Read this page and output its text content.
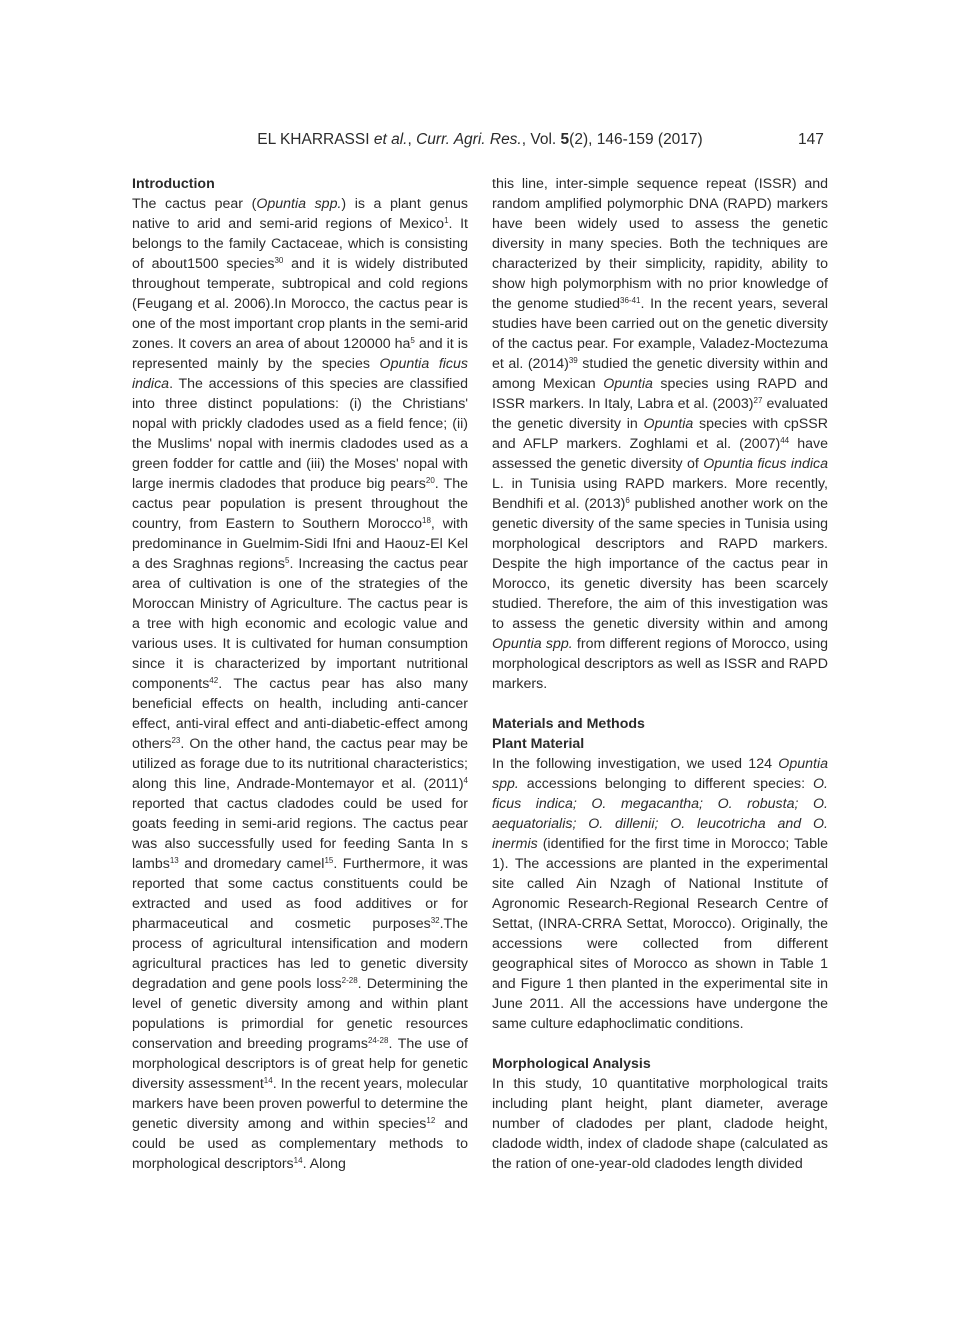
EL KHARRASSI et al., Curr. Agri. Res., Vol. 5(2), 146-159 (2017)	147

Introduction

The cactus pear (Opuntia spp.) is a plant genus native to arid and semi-arid regions of Mexico$^1$. It belongs to the family Cactaceae, which is consisting of about1500 species$^{30}$ and it is widely distributed throughout temperate, subtropical and cold regions (Feugang et al. 2006).In Morocco, the cactus pear is one of the most important crop plants in the semi-arid zones. It covers an area of about 120000 $ha^5$ and it is represented mainly by the species Opuntia ficus indica. The accessions of this species are classified into three distinct populations: (i) the Christians' nopal with prickly cladodes used as a field fence; (ii) the Muslims' nopal with inermis cladodes used as a green fodder for cattle and (iii) the Moses' nopal with large inermis cladodes that produce big pears$^{20}$. The cactus pear population is present throughout the country, from Eastern to Southern Morocco$^{18}$, with predominance in Guelmim-Sidi Ifni and Haouz-El Kel a des Sraghnas regions$^5$. Increasing the cactus pear area of cultivation is one of the strategies of the Moroccan Ministry of Agriculture. The cactus pear is a tree with high economic and ecologic value and various uses. It is cultivated for human consumption since it is characterized by important nutritional components$^{42}$. The cactus pear has also many beneficial effects on health, including anti-cancer effect, anti-viral effect and anti-diabetic-effect among others$^{23}$. On the other hand, the cactus pear may be utilized as forage due to its nutritional characteristics; along this line, Andrade-Montemayor et al. $(2011)^4$ reported that cactus cladodes could be used for goats feeding in semi-arid regions. The cactus pear was also successfully used for feeding Santa In s lambs$^{13}$ and dromedary camel$^{15}$. Furthermore, it was reported that some cactus constituents could be extracted and used as food additives or for pharmaceutical and cosmetic purposes$^{32}$.The process of agricultural intensification and modern agricultural practices has led to genetic diversity degradation and gene pools loss$^{2-28}$. Determining the level of genetic diversity among and within plant populations is primordial for genetic resources conservation and breeding programs$^{24-28}$. The use of morphological descriptors is of great help for genetic diversity assessment$^{14}$. In the recent years, molecular markers have been proven powerful to determine the genetic diversity among and within species$^{12}$ and could be used as complementary methods to morphological descriptors$^{14}$. Along

this line, inter-simple sequence repeat (ISSR) and random amplified polymorphic DNA (RAPD) markers have been widely used to assess the genetic diversity in many species. Both the techniques are characterized by their simplicity, rapidity, ability to show high polymorphism with no prior knowledge of the genome studied$^{36-41}$. In the recent years, several studies have been carried out on the genetic diversity of the cactus pear. For example, Valadez-Moctezuma et al. $(2014)^{39}$ studied the genetic diversity within and among Mexican Opuntia species using RAPD and ISSR markers. In Italy, Labra et al. $(2003)^{27}$ evaluated the genetic diversity in Opuntia species with cpSSR and AFLP markers. Zoghlami et al. $(2007)^{44}$ have assessed the genetic diversity of Opuntia ficus indica L. in Tunisia using RAPD markers. More recently, Bendhifi et al. $(2013)^6$ published another work on the genetic diversity of the same species in Tunisia using morphological descriptors and RAPD markers. Despite the high importance of the cactus pear in Morocco, its genetic diversity has been scarcely studied. Therefore, the aim of this investigation was to assess the genetic diversity within and among Opuntia spp. from different regions of Morocco, using morphological descriptors as well as ISSR and RAPD markers.

Materials and Methods

Plant Material

In the following investigation, we used 124 Opuntia spp. accessions belonging to different species: O. ficus indica; O. megacantha; O. robusta; O. aequatorialis; O. dillenii; O. leucotricha and O. inermis (identified for the first time in Morocco; Table 1). The accessions are planted in the experimental site called Ain Nzagh of National Institute of Agronomic Research-Regional Research Centre of Settat, (INRA-CRRA Settat, Morocco). Originally, the accessions were collected from different geographical sites of Morocco as shown in Table 1 and Figure 1 then planted in the experimental site in June 2011. All the accessions have undergone the same culture edaphoclimatic conditions.

Morphological Analysis

In this study, 10 quantitative morphological traits including plant height, plant diameter, average number of cladodes per plant, cladode height, cladode width, index of cladode shape (calculated as the ration of one-year-old cladodes length divided
